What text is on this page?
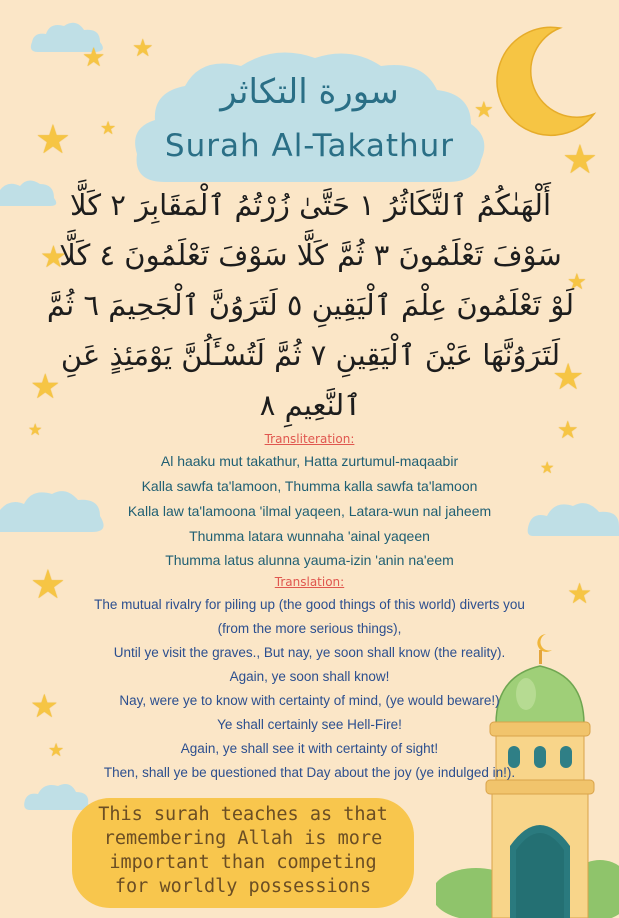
★ ★
★ ★
★
★
★
★
★	★
★
★
★
★	★
★
★
سورة التكاثر
Surah Al-Takathur
أَلْهَىٰكُمُ ٱلتَّكَاثُرُ ١ حَتَّىٰ زُرْتُمُ ٱلْمَقَابِرَ ٢ كَلَّا
سَوْفَ تَعْلَمُونَ ٣ ثُمَّ كَلَّا سَوْفَ تَعْلَمُونَ ٤ كَلَّا
لَوْ تَعْلَمُونَ عِلْمَ ٱلْيَقِينِ ٥ لَتَرَوُنَّ ٱلْجَحِيمَ ٦ ثُمَّ
لَتَرَوُنَّهَا عَيْنَ ٱلْيَقِينِ ٧ ثُمَّ لَتُسْـَٔلُنَّ يَوْمَئِذٍ عَنِ
ٱلنَّعِيمِ ٨
Transliteration:
Al haaku mut takathur, Hatta zurtumul-maqaabir
Kalla sawfa ta'lamoon, Thumma kalla sawfa ta'lamoon
Kalla law ta'lamoona 'ilmal yaqeen, Latara-wun nal jaheem
Thumma latara wunnaha 'ainal yaqeen
Thumma latus alunna yauma-izin 'anin na'eem
Translation:
The mutual rivalry for piling up (the good things of this world) diverts you
(from the more serious things),
Until ye visit the graves., But nay, ye soon shall know (the reality).
Again, ye soon shall know!
Nay, were ye to know with certainty of mind, (ye would beware!)
Ye shall certainly see Hell-Fire!
Again, ye shall see it with certainty of sight!
Then, shall ye be questioned that Day about the joy (ye indulged in!).
This surah teaches as that
remembering Allah is more
important than competing
for worldly possessions
